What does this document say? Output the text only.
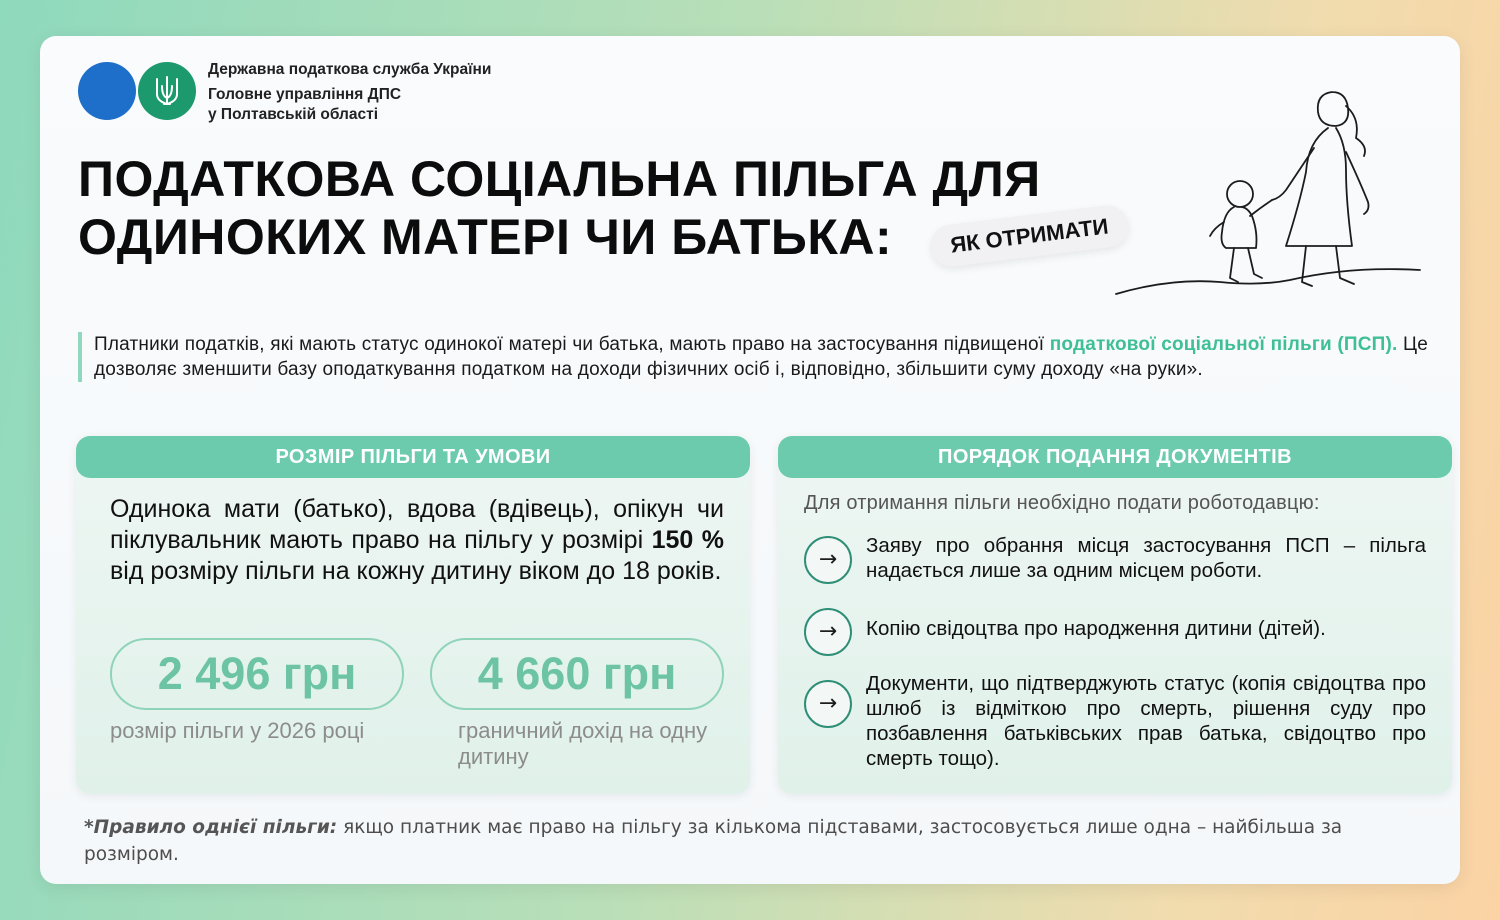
Державна податкова служба України
Головне управління ДПС
у Полтавській області
ПОДАТКОВА СОЦІАЛЬНА ПІЛЬГА ДЛЯ
ОДИНОКИХ МАТЕРІ ЧИ БАТЬКА:	ЯК ОТРИМАТИ
Платники податків, які мають статус одинокої матері чи батька, мають право на застосування підвищеної податкової соціальної пільги (ПСП). Це дозволяє зменшити базу оподаткування податком на доходи фізичних осіб і, відповідно, збільшити суму доходу «на руки».
РОЗМІР ПІЛЬГИ ТА УМОВИ
Одинока мати (батько), вдова (вдівець), опікун чи піклувальник мають право на пільгу у розмірі 150 % від розміру пільги на кожну дитину віком до 18 років.
2 496 грн	4 660 грн
розмір пільги у 2026 році	граничний дохід на одну дитину
ПОРЯДОК ПОДАННЯ ДОКУМЕНТІВ
Для отримання пільги необхідно подати роботодавцю:
→
Заяву про обрання місця застосування ПСП – пільга надається лише за одним місцем роботи.
→	Копію свідоцтва про народження дитини (дітей).
→
Документи, що підтверджують статус (копія свідоцтва про шлюб із відміткою про смерть, рішення суду про позбавлення батьківських прав батька, свідоцтво про смерть тощо).
*Правило однієї пільги: якщо платник має право на пільгу за кількома підставами, застосовується лише одна – найбільша за розміром.
